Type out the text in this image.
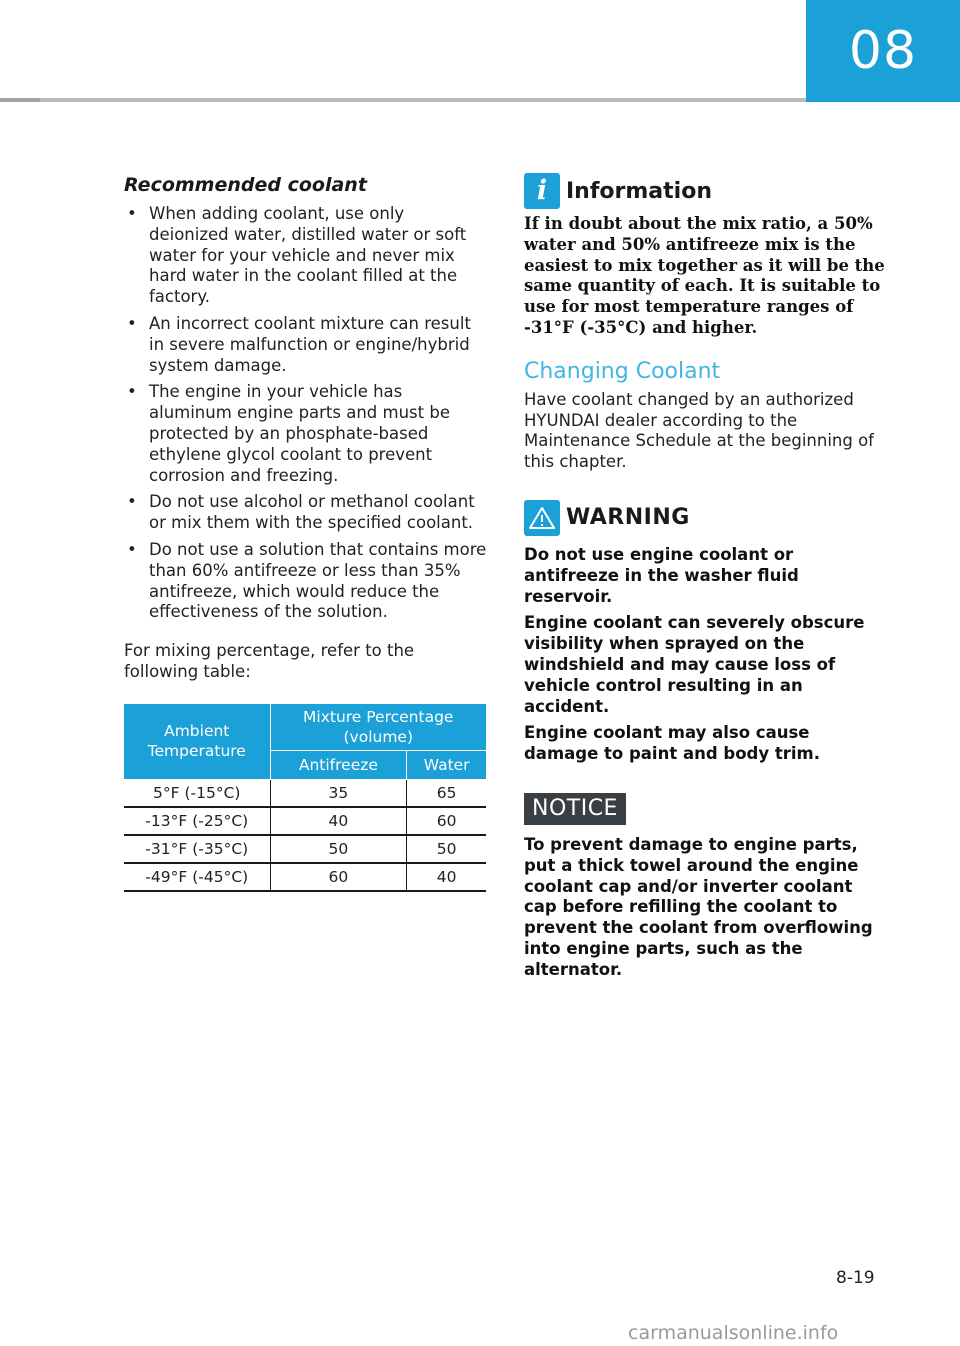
08
Recommended coolant
• When adding coolant, use only deionized water, distilled water or soft water for your vehicle and never mix hard water in the coolant filled at the factory.
• An incorrect coolant mixture can result in severe malfunction or engine/hybrid system damage.
• The engine in your vehicle has aluminum engine parts and must be protected by an phosphate-based ethylene glycol coolant to prevent corrosion and freezing.
• Do not use alcohol or methanol coolant or mix them with the specified coolant.
• Do not use a solution that contains more than 60% antifreeze or less than 35% antifreeze, which would reduce the effectiveness of the solution.
For mixing percentage, refer to the following table:
Ambient Temperature	Mixture Percentage (volume)	
	Antifreeze	Water
5°F (-15°C)	35	65
-13°F (-25°C)	40	60
-31°F (-35°C)	50	50
-49°F (-45°C)	60	40
i Information
If in doubt about the mix ratio, a 50% water and 50% antifreeze mix is the easiest to mix together as it will be the same quantity of each. It is suitable to use for most temperature ranges of -31°F (-35°C) and higher.
Changing Coolant
Have coolant changed by an authorized HYUNDAI dealer according to the Maintenance Schedule at the beginning of this chapter.
WARNING
Do not use engine coolant or antifreeze in the washer fluid reservoir.
Engine coolant can severely obscure visibility when sprayed on the windshield and may cause loss of vehicle control resulting in an accident.
Engine coolant may also cause damage to paint and body trim.
NOTICE
To prevent damage to engine parts, put a thick towel around the engine coolant cap and/or inverter coolant cap before refilling the coolant to prevent the coolant from overflowing into engine parts, such as the alternator.
8-19
carmanualsonline.info
